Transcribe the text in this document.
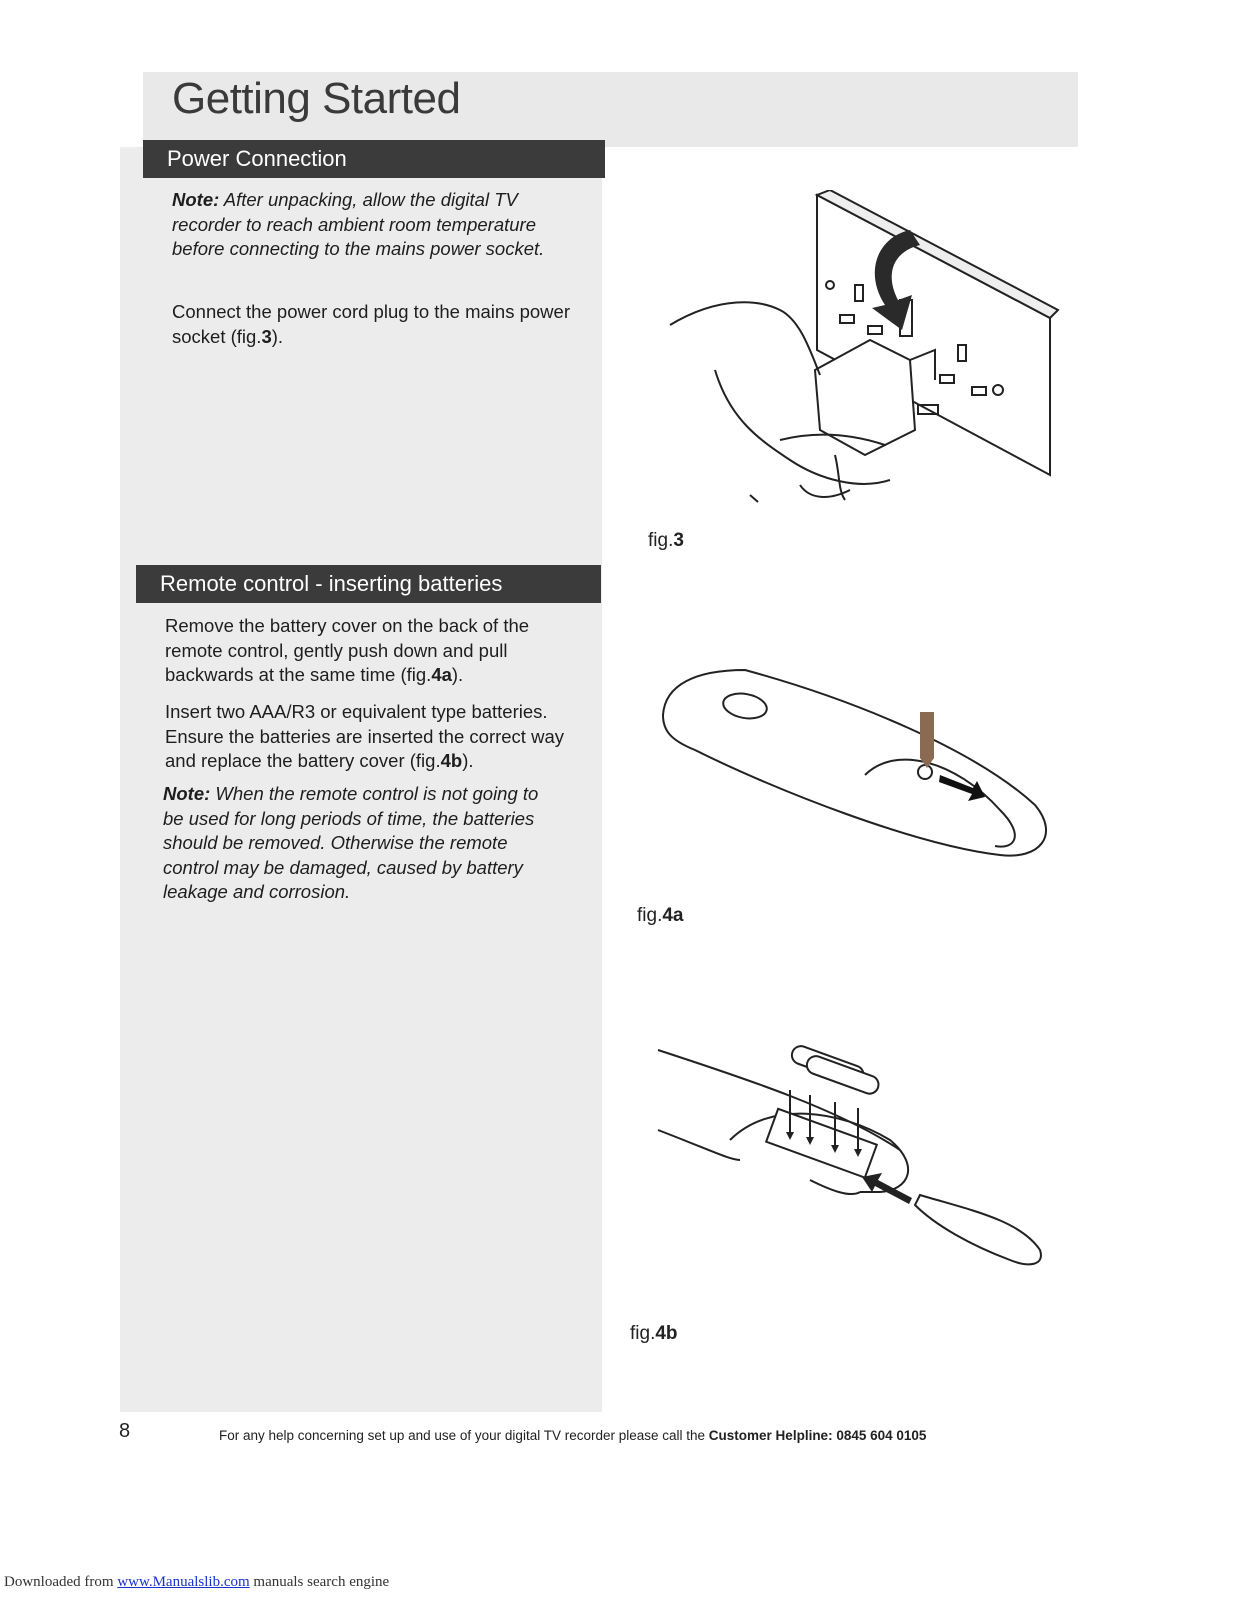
Getting Started
Power Connection

Note: After unpacking, allow the digital TV recorder to reach ambient room temperature before connecting to the mains power socket.

Connect the power cord plug to the mains power socket (fig.3).

Remote control - inserting batteries

Remove the battery cover on the back of the remote control, gently push down and pull backwards at the same time (fig.4a).

Insert two AAA/R3 or equivalent type batteries. Ensure the batteries are inserted the correct way and replace the battery cover (fig.4b).

Note: When the remote control is not going to be used for long periods of time, the batteries should be removed. Otherwise the remote control may be damaged, caused by battery leakage and corrosion.

fig.3
fig.4a
fig.4b
8	For any help concerning set up and use of your digital TV recorder please call the Customer Helpline: 0845 604 0105
Downloaded from www.Manualslib.com manuals search engine
